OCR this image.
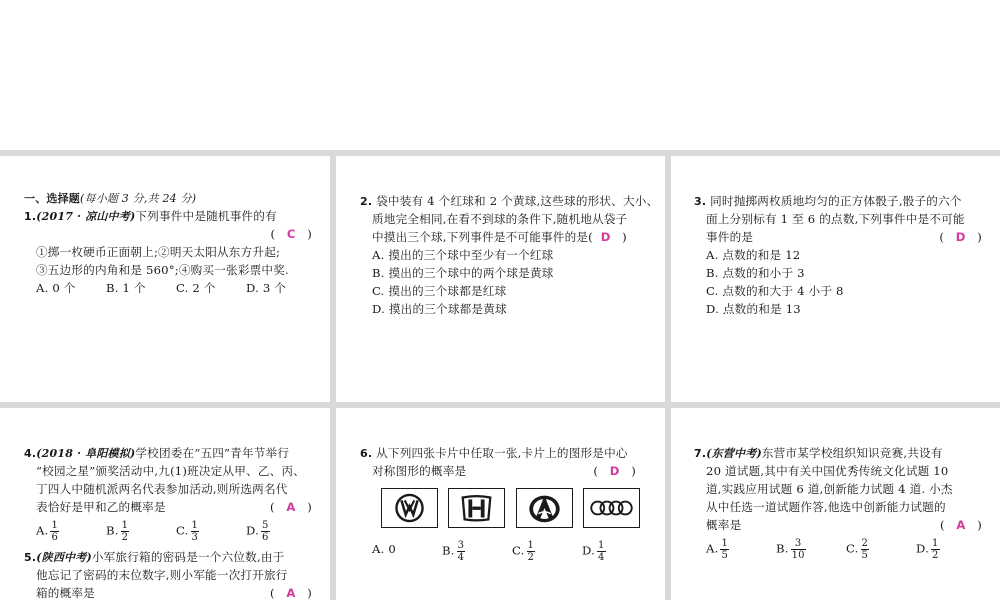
一、选择题(每小题 3 分,共 24 分)
1.(2017 · 凉山中考)下列事件中是随机事件的有
(   C   )
①掷一枚硬币正面朝上;②明天太阳从东方升起;
③五边形的内角和是 560°;④购买一张彩票中奖.
A. 0 个	B. 1 个	C. 2 个	D. 3 个
2. 袋中装有 4 个红球和 2 个黄球,这些球的形状、大小、
质地完全相同,在看不到球的条件下,随机地从袋子
中摸出三个球,下列事件是不可能事件的是( D   )
A. 摸出的三个球中至少有一个红球
B. 摸出的三个球中的两个球是黄球
C. 摸出的三个球都是红球
D. 摸出的三个球都是黄球
3. 同时抛掷两枚质地均匀的正方体骰子,骰子的六个
面上分别标有 1 至 6 的点数,下列事件中是不可能
事件的是	(   D   )
A. 点数的和是 12
B. 点数的和小于 3
C. 点数的和大于 4 小于 8
D. 点数的和是 13
4.(2018 · 阜阳模拟)学校团委在“五四”青年节举行
“校园之星”颁奖活动中,九(1)班决定从甲、乙、丙、
丁四人中随机派两名代表参加活动,则所选两名代
表恰好是甲和乙的概率是	(   A   )
A. $\frac{1}{6}$	B. $\frac{1}{2}$	C. $\frac{1}{3}$	D. $\frac{5}{6}$
5.(陕西中考)小军旅行箱的密码是一个六位数,由于
他忘记了密码的末位数字,则小军能一次打开旅行
箱的概率是	(   A   )
6. 从下列四张卡片中任取一张,卡片上的图形是中心
对称图形的概率是	(   D   )
A. 0	B. $\frac{3}{4}$	C. $\frac{1}{2}$	D. $\frac{1}{4}$
7.(东营中考)东营市某学校组织知识竞赛,共设有
20 道试题,其中有关中国优秀传统文化试题 10
道,实践应用试题 6 道,创新能力试题 4 道. 小杰
从中任选一道试题作答,他选中创新能力试题的
概率是	(   A   )
A. $\frac{1}{5}$	B. $\frac{3}{10}$	C. $\frac{2}{5}$	D. $\frac{1}{2}$
